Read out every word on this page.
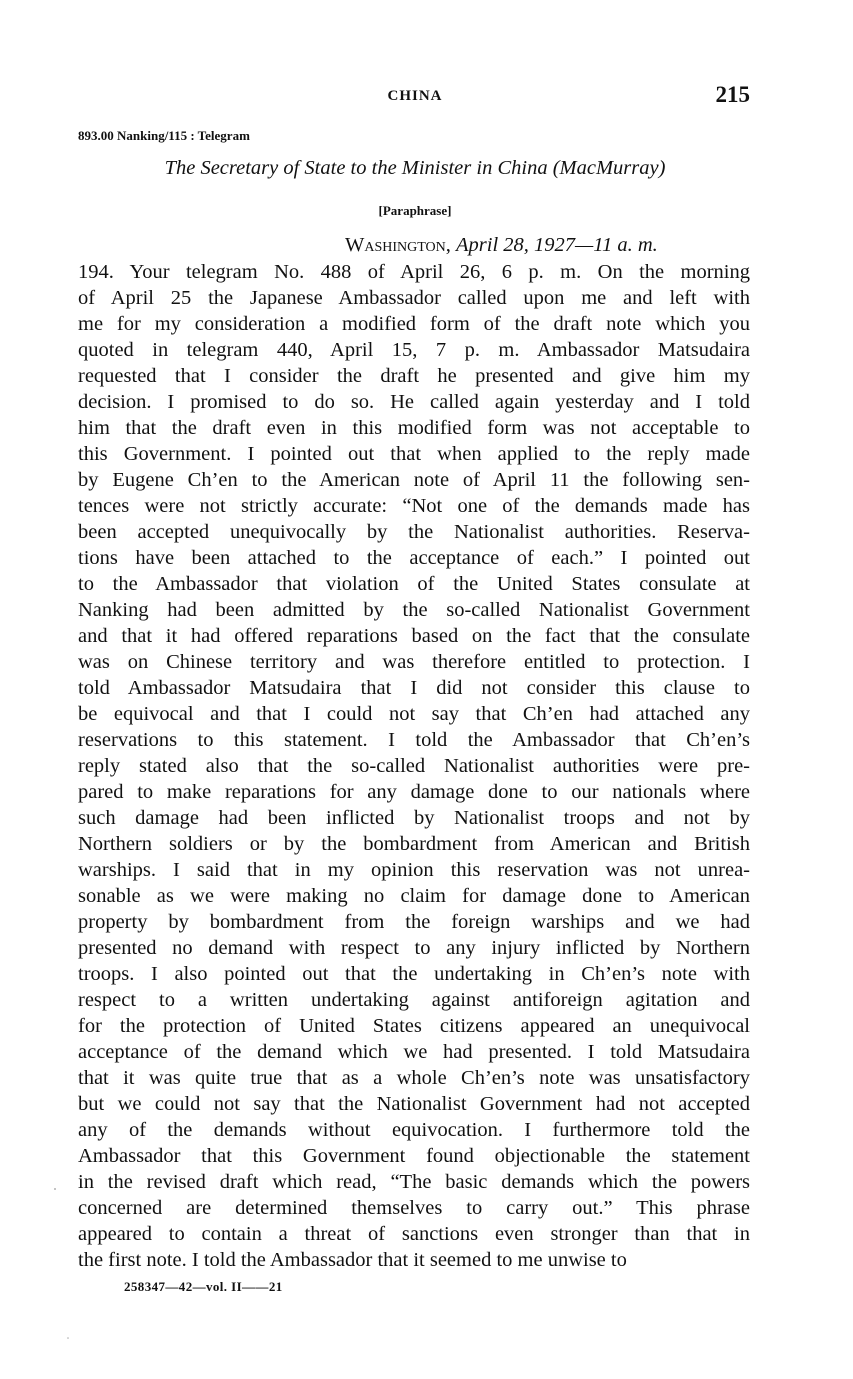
CHINA	215
893.00 Nanking/115 : Telegram
The Secretary of State to the Minister in China (MacMurray)
[Paraphrase]
Washington, April 28, 1927—11 a. m.
194. Your telegram No. 488 of April 26, 6 p. m. On the morning
of April 25 the Japanese Ambassador called upon me and left with
me for my consideration a modified form of the draft note which you
quoted in telegram 440, April 15, 7 p. m. Ambassador Matsudaira
requested that I consider the draft he presented and give him my
decision. I promised to do so. He called again yesterday and I told
him that the draft even in this modified form was not acceptable to
this Government. I pointed out that when applied to the reply made
by Eugene Ch’en to the American note of April 11 the following sen-
tences were not strictly accurate: “Not one of the demands made has
been accepted unequivocally by the Nationalist authorities. Reserva-
tions have been attached to the acceptance of each.” I pointed out
to the Ambassador that violation of the United States consulate at
Nanking had been admitted by the so-called Nationalist Government
and that it had offered reparations based on the fact that the consulate
was on Chinese territory and was therefore entitled to protection. I
told Ambassador Matsudaira that I did not consider this clause to
be equivocal and that I could not say that Ch’en had attached any
reservations to this statement. I told the Ambassador that Ch’en’s
reply stated also that the so-called Nationalist authorities were pre-
pared to make reparations for any damage done to our nationals where
such damage had been inflicted by Nationalist troops and not by
Northern soldiers or by the bombardment from American and British
warships. I said that in my opinion this reservation was not unrea-
sonable as we were making no claim for damage done to American
property by bombardment from the foreign warships and we had
presented no demand with respect to any injury inflicted by Northern
troops. I also pointed out that the undertaking in Ch’en’s note with
respect to a written undertaking against antiforeign agitation and
for the protection of United States citizens appeared an unequivocal
acceptance of the demand which we had presented. I told Matsudaira
that it was quite true that as a whole Ch’en’s note was unsatisfactory
but we could not say that the Nationalist Government had not accepted
any of the demands without equivocation. I furthermore told the
Ambassador that this Government found objectionable the statement
in the revised draft which read, “The basic demands which the powers
concerned are determined themselves to carry out.” This phrase
appeared to contain a threat of sanctions even stronger than that in
the first note. I told the Ambassador that it seemed to me unwise to
258347—42—vol. II——21
